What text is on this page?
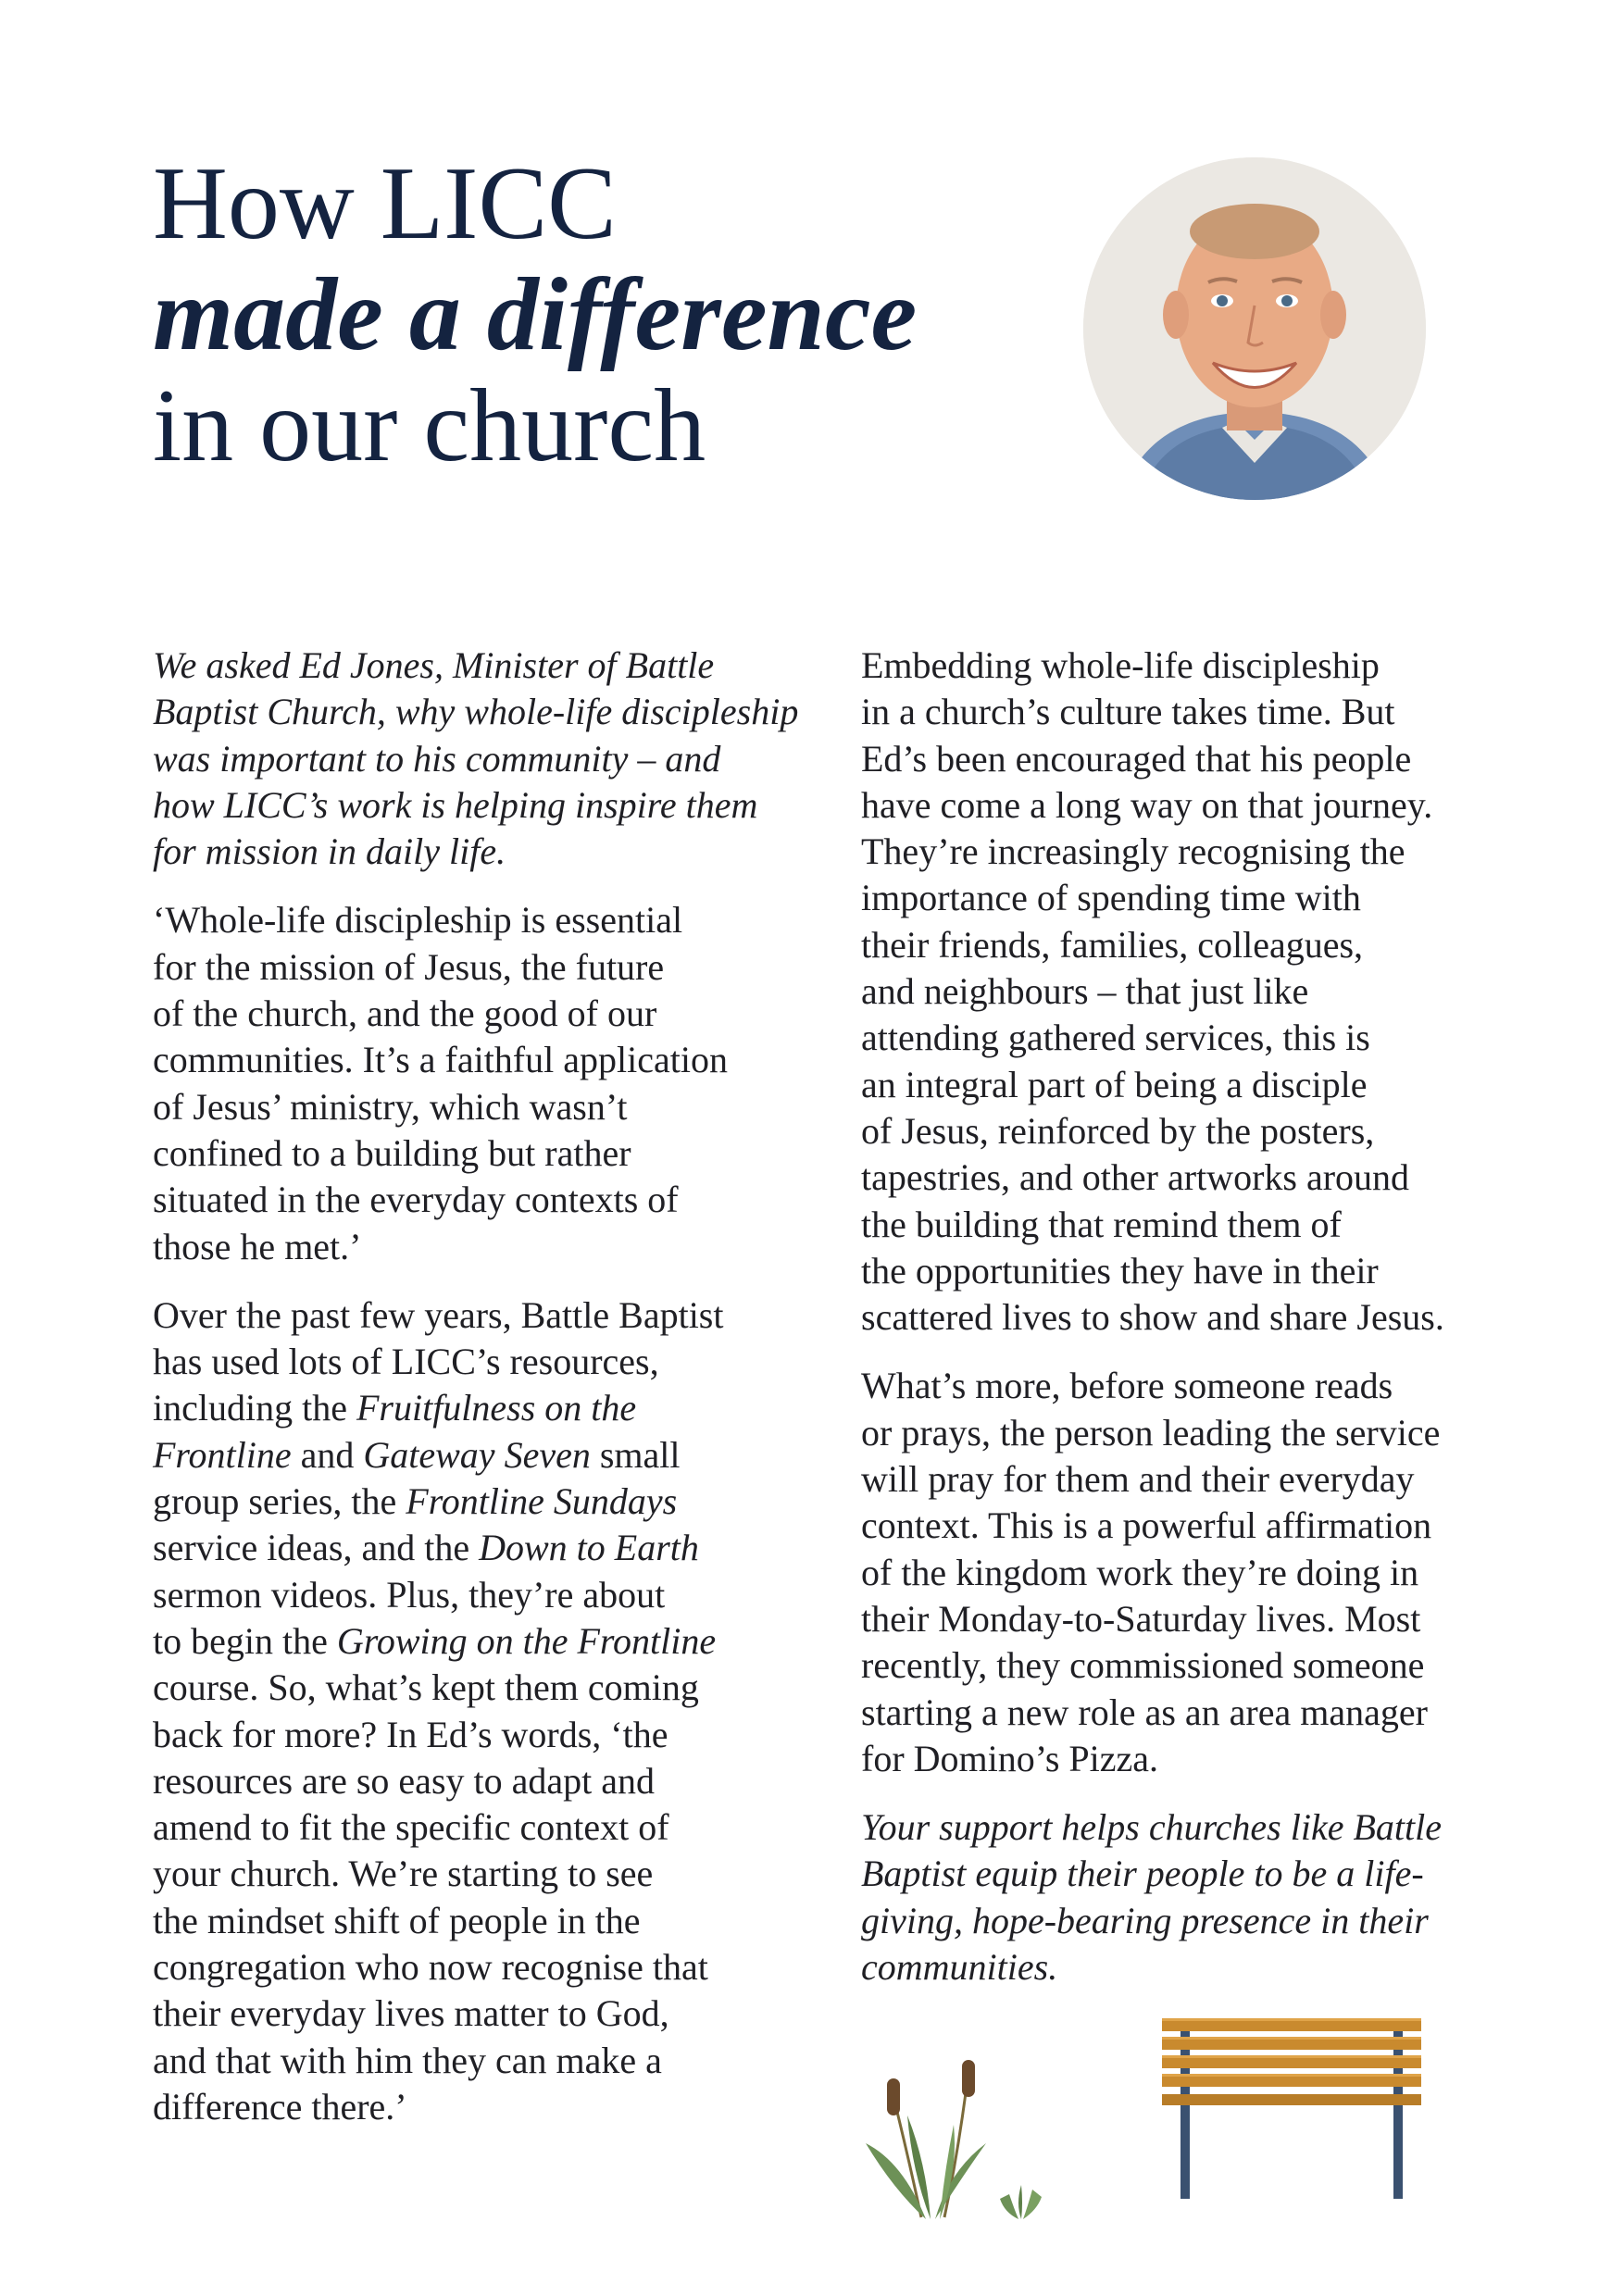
How LICC
made a difference
in our church

We asked Ed Jones, Minister of Battle
Baptist Church, why whole-life discipleship
was important to his community – and
how LICC’s work is helping inspire them
for mission in daily life.

‘Whole-life discipleship is essential
for the mission of Jesus, the future
of the church, and the good of our
communities. It’s a faithful application
of Jesus’ ministry, which wasn’t
confined to a building but rather
situated in the everyday contexts of
those he met.’

Over the past few years, Battle Baptist
has used lots of LICC’s resources,
including the Fruitfulness on the
Frontline and Gateway Seven small
group series, the Frontline Sundays
service ideas, and the Down to Earth
sermon videos. Plus, they’re about
to begin the Growing on the Frontline
course. So, what’s kept them coming
back for more? In Ed’s words, ‘the
resources are so easy to adapt and
amend to fit the specific context of
your church. We’re starting to see
the mindset shift of people in the
congregation who now recognise that
their everyday lives matter to God,
and that with him they can make a
difference there.’

Embedding whole-life discipleship
in a church’s culture takes time. But
Ed’s been encouraged that his people
have come a long way on that journey.
They’re increasingly recognising the
importance of spending time with
their friends, families, colleagues,
and neighbours – that just like
attending gathered services, this is
an integral part of being a disciple
of Jesus, reinforced by the posters,
tapestries, and other artworks around
the building that remind them of
the opportunities they have in their
scattered lives to show and share Jesus.

What’s more, before someone reads
or prays, the person leading the service
will pray for them and their everyday
context. This is a powerful affirmation
of the kingdom work they’re doing in
their Monday-to-Saturday lives. Most
recently, they commissioned someone
starting a new role as an area manager
for Domino’s Pizza.

Your support helps churches like Battle
Baptist equip their people to be a life-
giving, hope-bearing presence in their
communities.
